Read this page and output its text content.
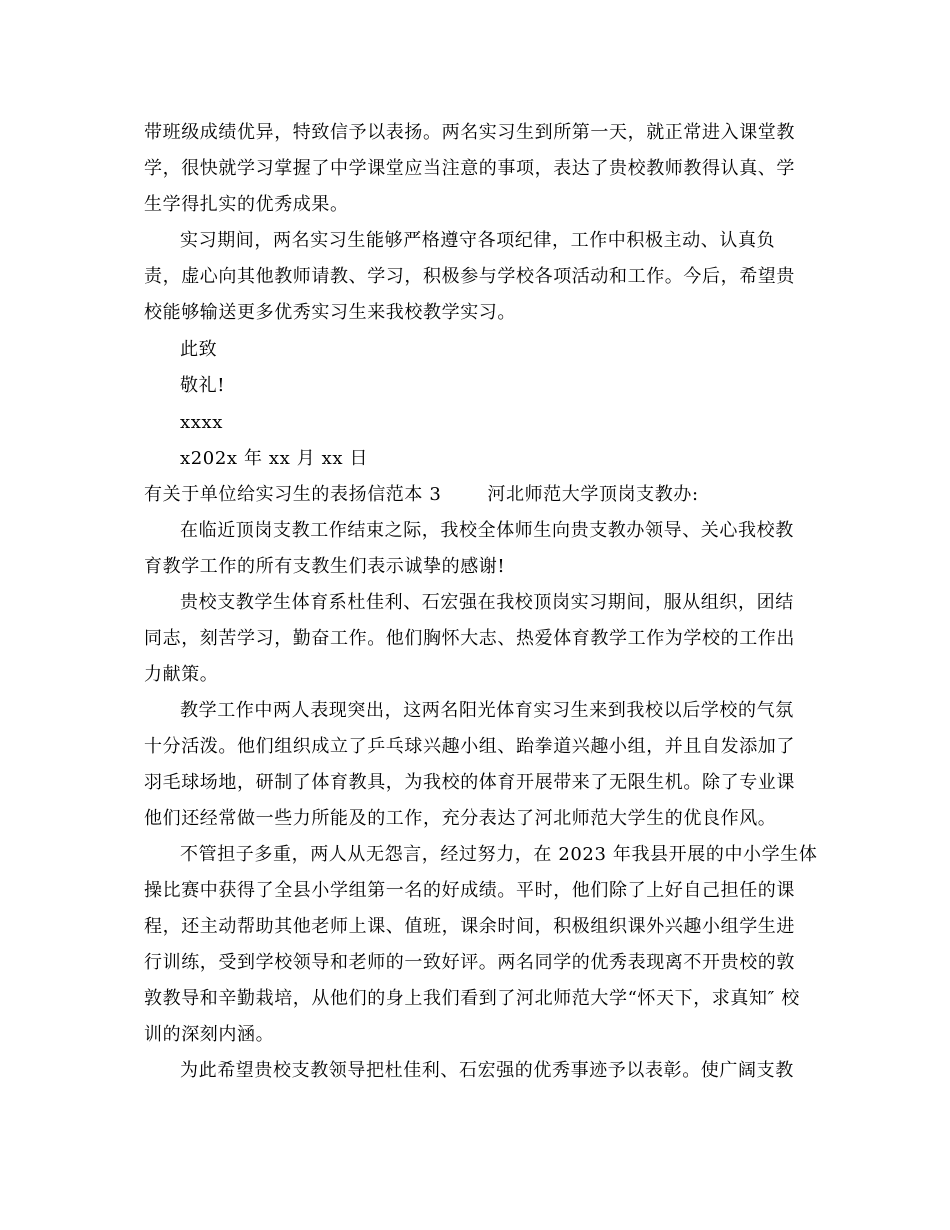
带班级成绩优异，特致信予以表扬。两名实习生到所第一天，就正常进入课堂教
学，很快就学习掌握了中学课堂应当注意的事项，表达了贵校教师教得认真、学
生学得扎实的优秀成果。
实习期间，两名实习生能够严格遵守各项纪律，工作中积极主动、认真负
责，虚心向其他教师请教、学习，积极参与学校各项活动和工作。今后，希望贵
校能够输送更多优秀实习生来我校教学实习。
此致
敬礼!
xxxx
x202x 年 xx 月 xx 日
有关于单位给实习生的表扬信范本 3	河北师范大学顶岗支教办:
在临近顶岗支教工作结束之际，我校全体师生向贵支教办领导、关心我校教
育教学工作的所有支教生们表示诚挚的感谢!
贵校支教学生体育系杜佳利、石宏强在我校顶岗实习期间，服从组织，团结
同志，刻苦学习，勤奋工作。他们胸怀大志、热爱体育教学工作为学校的工作出
力献策。
教学工作中两人表现突出，这两名阳光体育实习生来到我校以后学校的气氛
十分活泼。他们组织成立了乒乓球兴趣小组、跆拳道兴趣小组，并且自发添加了
羽毛球场地，研制了体育教具，为我校的体育开展带来了无限生机。除了专业课
他们还经常做一些力所能及的工作，充分表达了河北师范大学生的优良作风。
不管担子多重，两人从无怨言，经过努力，在 2023 年我县开展的中小学生体
操比赛中获得了全县小学组第一名的好成绩。平时，他们除了上好自己担任的课
程，还主动帮助其他老师上课、值班，课余时间，积极组织课外兴趣小组学生进
行训练，受到学校领导和老师的一致好评。两名同学的优秀表现离不开贵校的敦
敦教导和辛勤栽培，从他们的身上我们看到了河北师范大学“怀天下，求真知″ 校
训的深刻内涵。
为此希望贵校支教领导把杜佳利、石宏强的优秀事迹予以表彰。使广阔支教
